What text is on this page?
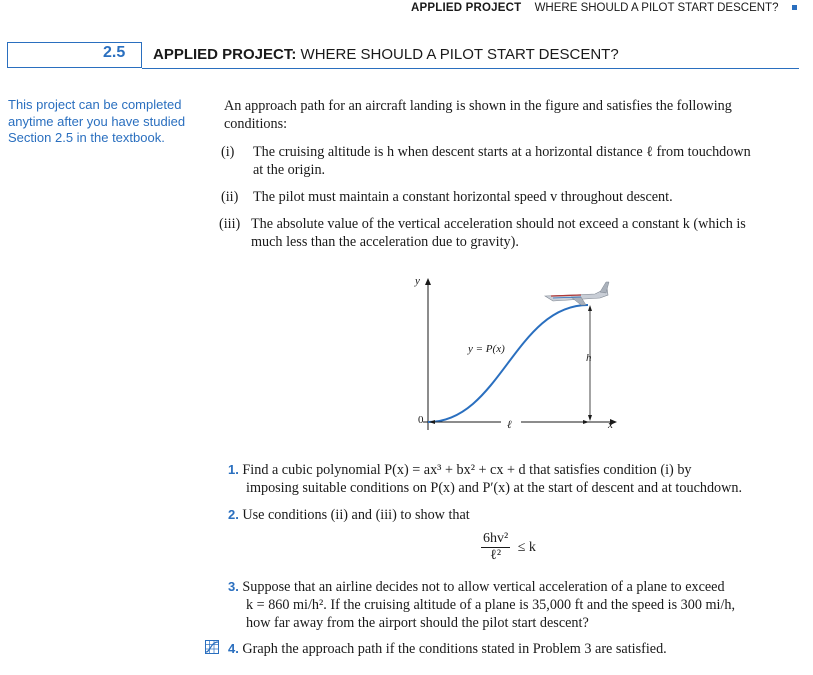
APPLIED PROJECT WHERE SHOULD A PILOT START DESCENT?
2.5 APPLIED PROJECT: WHERE SHOULD A PILOT START DESCENT?
This project can be completed anytime after you have studied Section 2.5 in the textbook.
An approach path for an aircraft landing is shown in the figure and satisfies the following
conditions:
(i) The cruising altitude is h when descent starts at a horizontal distance ℓ from touchdown
at the origin.
(ii) The pilot must maintain a constant horizontal speed v throughout descent.
(iii) The absolute value of the vertical acceleration should not exceed a constant k (which is
much less than the acceleration due to gravity).
y
x
0
y = P(x)
h
ℓ
1. Find a cubic polynomial P(x) = ax³ + bx² + cx + d that satisfies condition (i) by
imposing suitable conditions on P(x) and P′(x) at the start of descent and at touchdown.
2. Use conditions (ii) and (iii) to show that
6hv²
ℓ²
≤ k
3. Suppose that an airline decides not to allow vertical acceleration of a plane to exceed
k = 860 mi/h². If the cruising altitude of a plane is 35,000 ft and the speed is 300 mi/h,
how far away from the airport should the pilot start descent?
4. Graph the approach path if the conditions stated in Problem 3 are satisfied.
